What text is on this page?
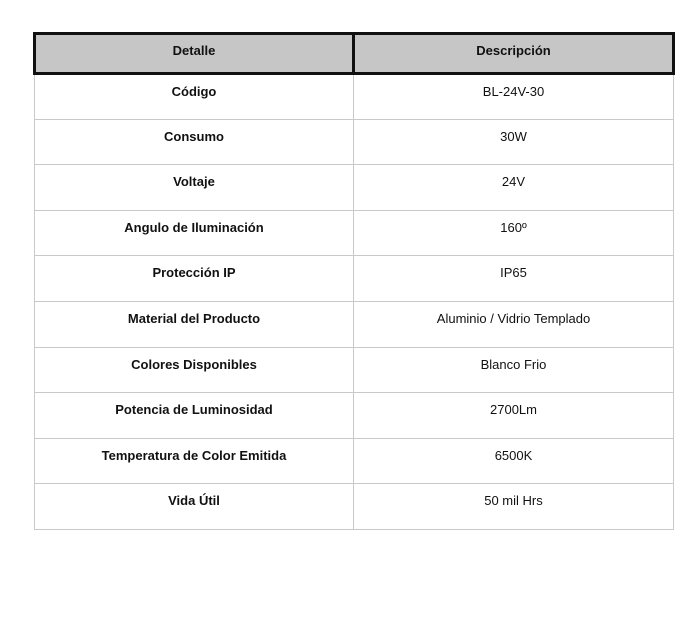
Detalle	Descripción
Código	BL-24V-30
Consumo	30W
Voltaje	24V
Angulo de Iluminación	160º
Protección IP	IP65
Material del Producto	Aluminio / Vidrio Templado
Colores Disponibles	Blanco Frio
Potencia de Luminosidad	2700Lm
Temperatura de Color Emitida	6500K
Vida Útil	50 mil Hrs
